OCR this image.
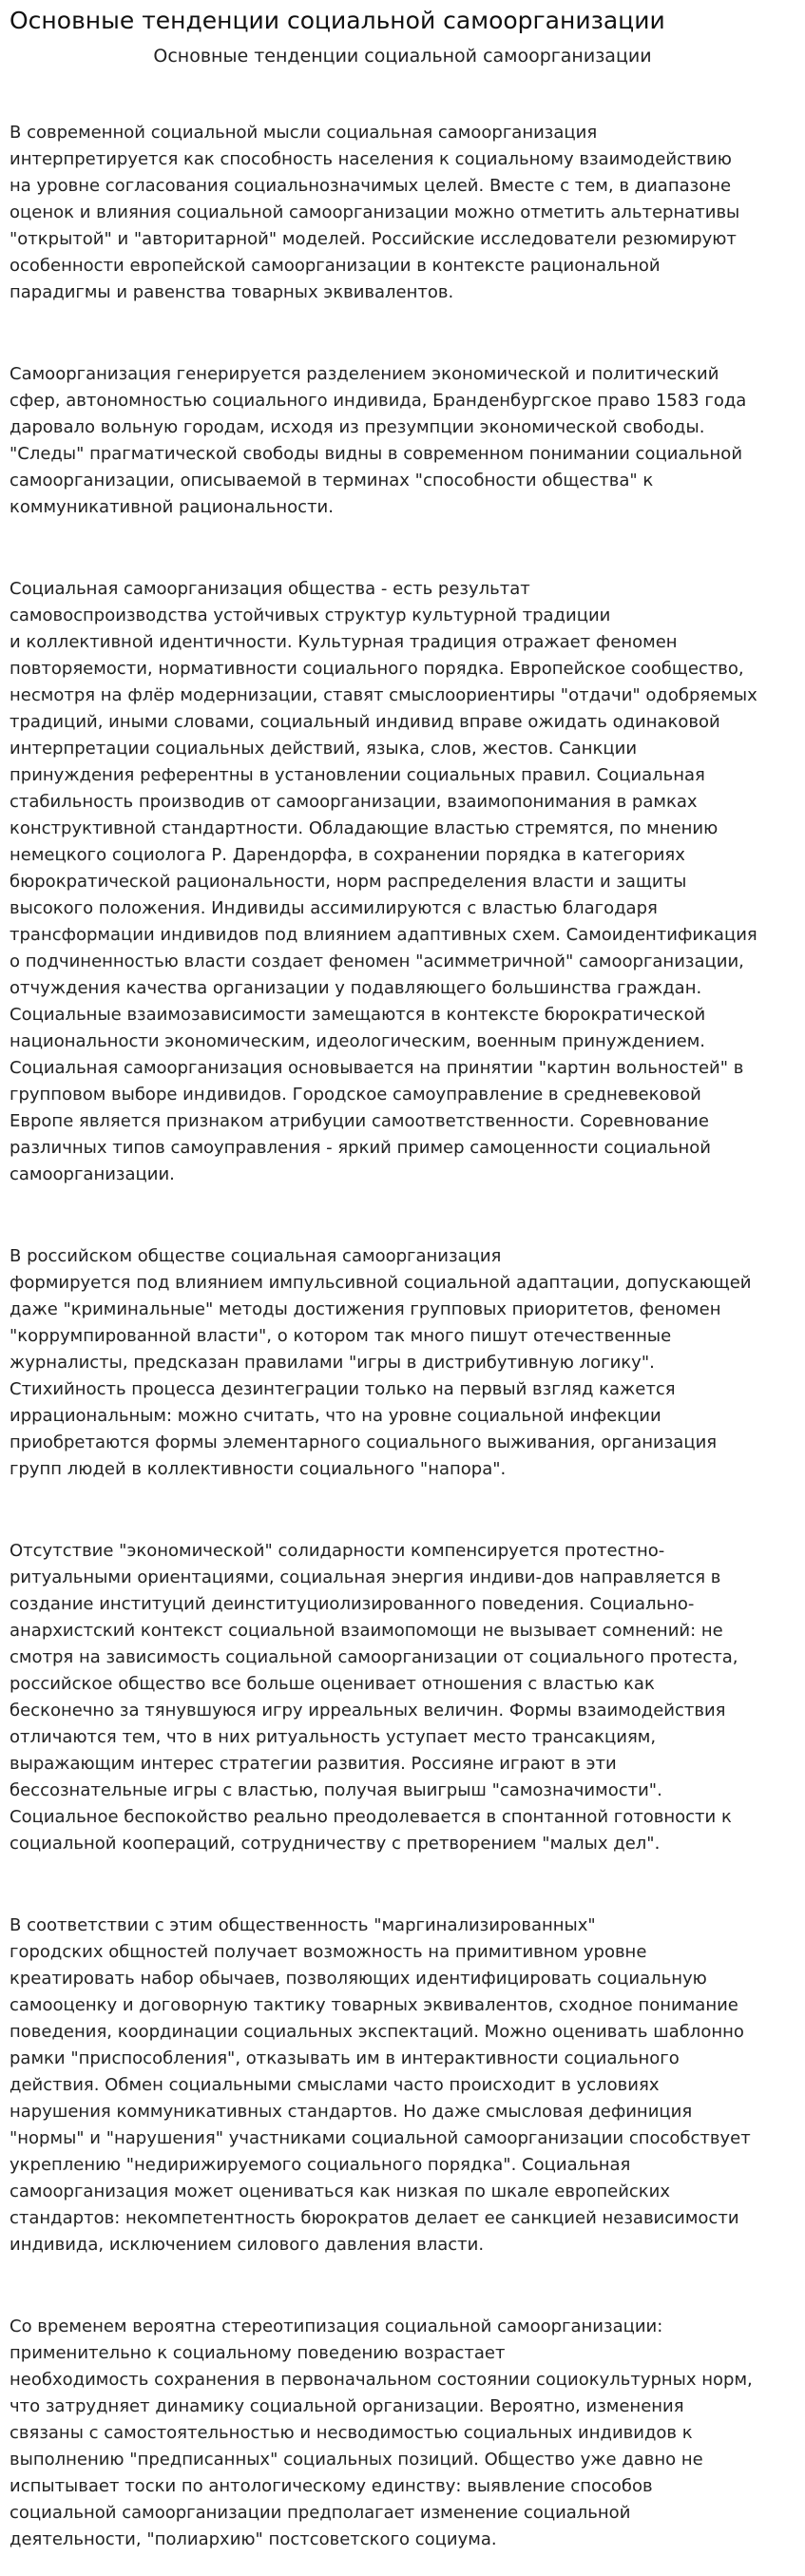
Основные тенденции социальной самоорганизации
Основные тенденции социальной самоорганизации

В современной социальной мысли социальная самоорганизация
интерпретируется как способность населения к социальному взаимодействию
на уровне согласования социальнозначимых целей. Вместе с тем, в диапазоне
оценок и влияния социальной самоорганизации можно отметить альтернативы
"открытой" и "авторитарной" моделей. Российские исследователи резюмируют
особенности европейской самоорганизации в контексте рациональной
парадигмы и равенства товарных эквивалентов.

Самоорганизация генерируется разделением экономической и политический
сфер, автономностью социального индивида, Бранденбургское право 1583 года
даровало вольную городам, исходя из презумпции экономической свободы.
"Следы" прагматической свободы видны в современном понимании социальной
самоорганизации, описываемой в терминах "способности общества" к
коммуникативной рациональности.

Социальная самоорганизация общества - есть результат
самовоспроизводства устойчивых структур культурной традиции
и коллективной идентичности. Культурная традиция отражает феномен
повторяемости, нормативности социального порядка. Европейское сообщество,
несмотря на флёр модернизации, ставят смыслоориентиры "отдачи" одобряемых
традиций, иными словами, социальный индивид вправе ожидать одинаковой
интерпретации социальных действий, языка, слов, жестов. Санкции
принуждения референтны в установлении социальных правил. Социальная
стабильность производив от самоорганизации, взаимопонимания в рамках
конструктивной стандартности. Обладающие властью стремятся, по мнению
немецкого социолога Р. Дарендорфа, в сохранении порядка в категориях
бюрократической рациональности, норм распределения власти и защиты
высокого положения. Индивиды ассимилируются с властью благодаря
трансформации индивидов под влиянием адаптивных схем. Самоидентификация
о подчиненностью власти создает феномен "асимметричной" самоорганизации,
отчуждения качества организации у подавляющего большинства граждан.
Социальные взаимозависимости замещаются в контексте бюрократической
национальности экономическим, идеологическим, военным принуждением.
Социальная самоорганизация основывается на принятии "картин вольностей" в
групповом выборе индивидов. Городское самоуправление в средневековой
Европе является признаком атрибуции самоответственности. Соревнование
различных типов самоуправления - яркий пример самоценности социальной
самоорганизации.

В российском обществе социальная самоорганизация
формируется под влиянием импульсивной социальной адаптации, допускающей
даже "криминальные" методы достижения групповых приоритетов, феномен
"коррумпированной власти", о котором так много пишут отечественные
журналисты, предсказан правилами "игры в дистрибутивную логику".
Стихийность процесса дезинтеграции только на первый взгляд кажется
иррациональным: можно считать, что на уровне социальной инфекции
приобретаются формы элементарного социального выживания, организация
групп людей в коллективности социального "напора".

Отсутствие "экономической" солидарности компенсируется протестно-
ритуальными ориентациями, социальная энергия индиви-дов направляется в
создание институций деинституциолизированного поведения. Социально-
анархистский контекст социальной взаимопомощи не вызывает сомнений: не
смотря на зависимость социальной самоорганизации от социального протеста,
российское общество все больше оценивает отношения с властью как
бесконечно за тянувшуюся игру ирреальных величин. Формы взаимодействия
отличаются тем, что в них ритуальность уступает место трансакциям,
выражающим интерес стратегии развития. Россияне играют в эти
бессознательные игры с властью, получая выигрыш "самозначимости".
Социальное беспокойство реально преодолевается в спонтанной готовности к
социальной коопераций, сотрудничеству с претворением "малых дел".

В соответствии с этим общественность "маргинализированных"
городских общностей получает возможность на примитивном уровне
креатировать набор обычаев, позволяющих идентифицировать социальную
самооценку и договорную тактику товарных эквивалентов, сходное понимание
поведения, координации социальных экспектаций. Можно оценивать шаблонно
рамки "приспособления", отказывать им в интерактивности социального
действия. Обмен социальными смыслами часто происходит в условиях
нарушения коммуникативных стандартов. Но даже смысловая дефиниция
"нормы" и "нарушения" участниками социальной самоорганизации способствует
укреплению "недирижируемого социального порядка". Социальная
самоорганизация может оцениваться как низкая по шкале европейских
стандартов: некомпетентность бюрократов делает ее санкцией независимости
индивида, исключением силового давления власти.

Со временем вероятна стереотипизация социальной самоорганизации:
применительно к социальному поведению возрастает
необходимость сохранения в первоначальном состоянии социокультурных норм,
что затрудняет динамику социальной организации. Вероятно, изменения
связаны с самостоятельностью и несводимостью социальных индивидов к
выполнению "предписанных" социальных позиций. Общество уже давно не
испытывает тоски по антологическому единству: выявление способов
социальной самоорганизации предполагает изменение социальной
деятельности, "полиархию" постсоветского социума.
